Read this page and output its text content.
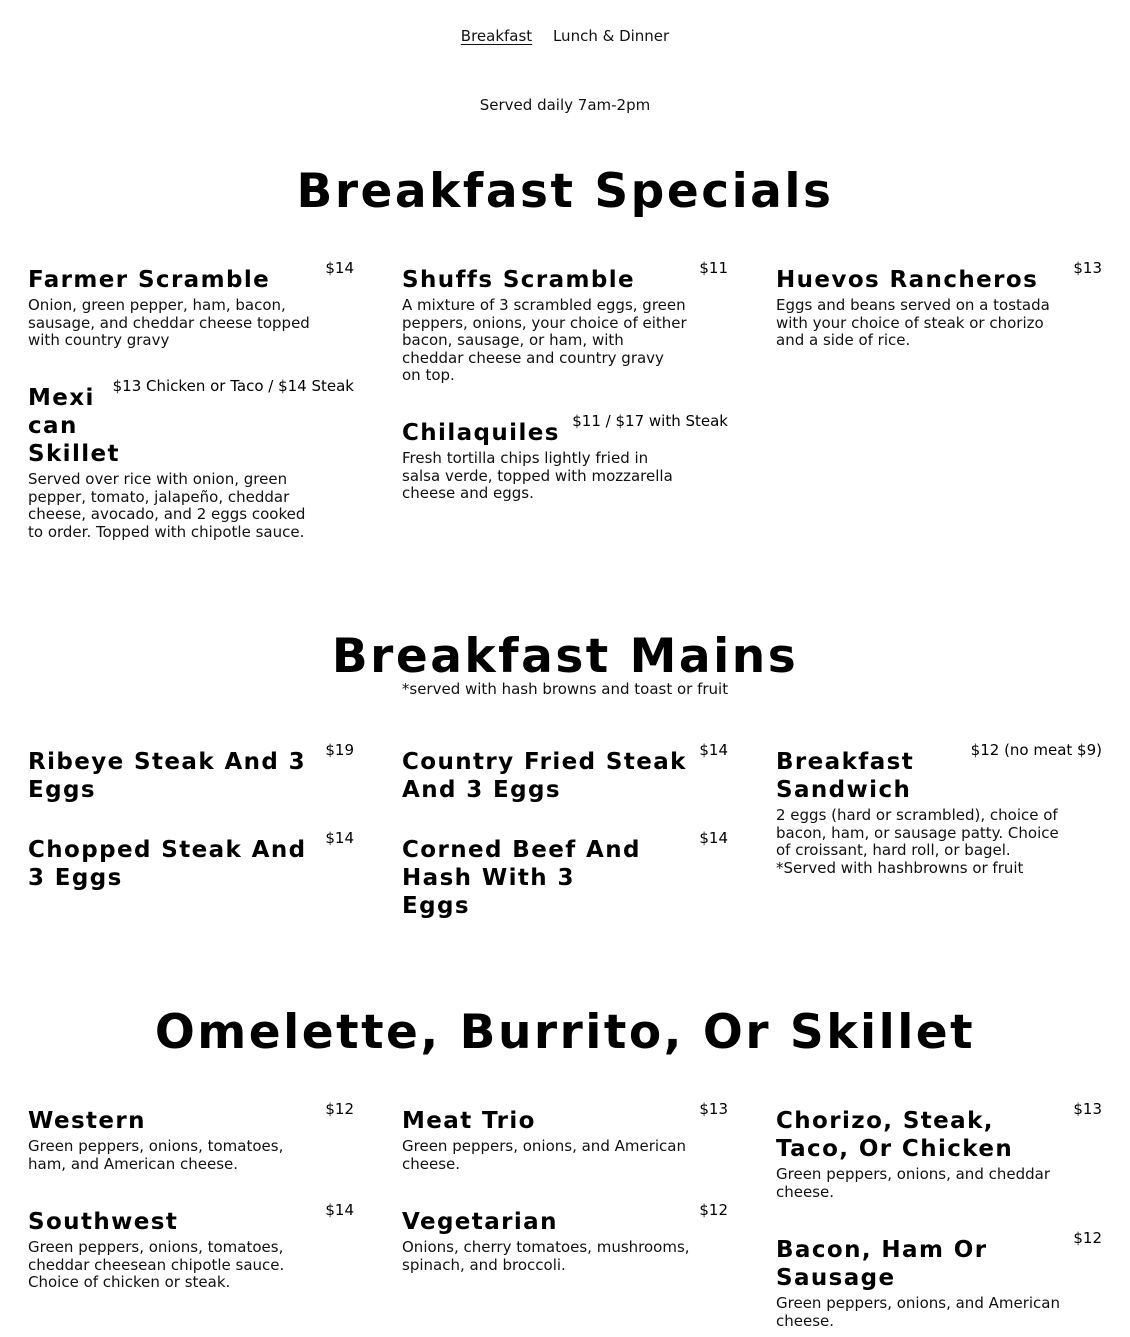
Breakfast Lunch & Dinner
Served daily 7am-2pm
Breakfast Specials
$14
Farmer Scramble
Onion, green pepper, ham, bacon, sausage, and cheddar cheese topped with country gravy
$13 Chicken or Taco / $14 Steak
Mexi can Skillet
Served over rice with onion, green pepper, tomato, jalapeño, cheddar cheese, avocado, and 2 eggs cooked to order. Topped with chipotle sauce.
$11
Shuffs Scramble
A mixture of 3 scrambled eggs, green peppers, onions, your choice of either bacon, sausage, or ham, with cheddar cheese and country gravy on top.
$11 / $17 with Steak
Chilaquiles
Fresh tortilla chips lightly fried in salsa verde, topped with mozzarella cheese and eggs.
$13
Huevos Rancheros
Eggs and beans served on a tostada with your choice of steak or chorizo and a side of rice.
Breakfast Mains
*served with hash browns and toast or fruit
$19
Ribeye Steak And 3 Eggs
$14
Chopped Steak And 3 Eggs
$14
Country Fried Steak And 3 Eggs
$14
Corned Beef And Hash With 3 Eggs
$12 (no meat $9)
Breakfast Sandwich
2 eggs (hard or scrambled), choice of bacon, ham, or sausage patty. Choice of croissant, hard roll, or bagel. *Served with hashbrowns or fruit
Omelette, Burrito, Or Skillet
$12
Western
Green peppers, onions, tomatoes, ham, and American cheese.
$14
Southwest
Green peppers, onions, tomatoes, cheddar cheesean chipotle sauce. Choice of chicken or steak.
$13
Meat Trio
Green peppers, onions, and American cheese.
$12
Vegetarian
Onions, cherry tomatoes, mushrooms, spinach, and broccoli.
$13
Chorizo, Steak, Taco, Or Chicken
Green peppers, onions, and cheddar cheese.
$12
Bacon, Ham Or Sausage
Green peppers, onions, and American cheese.
